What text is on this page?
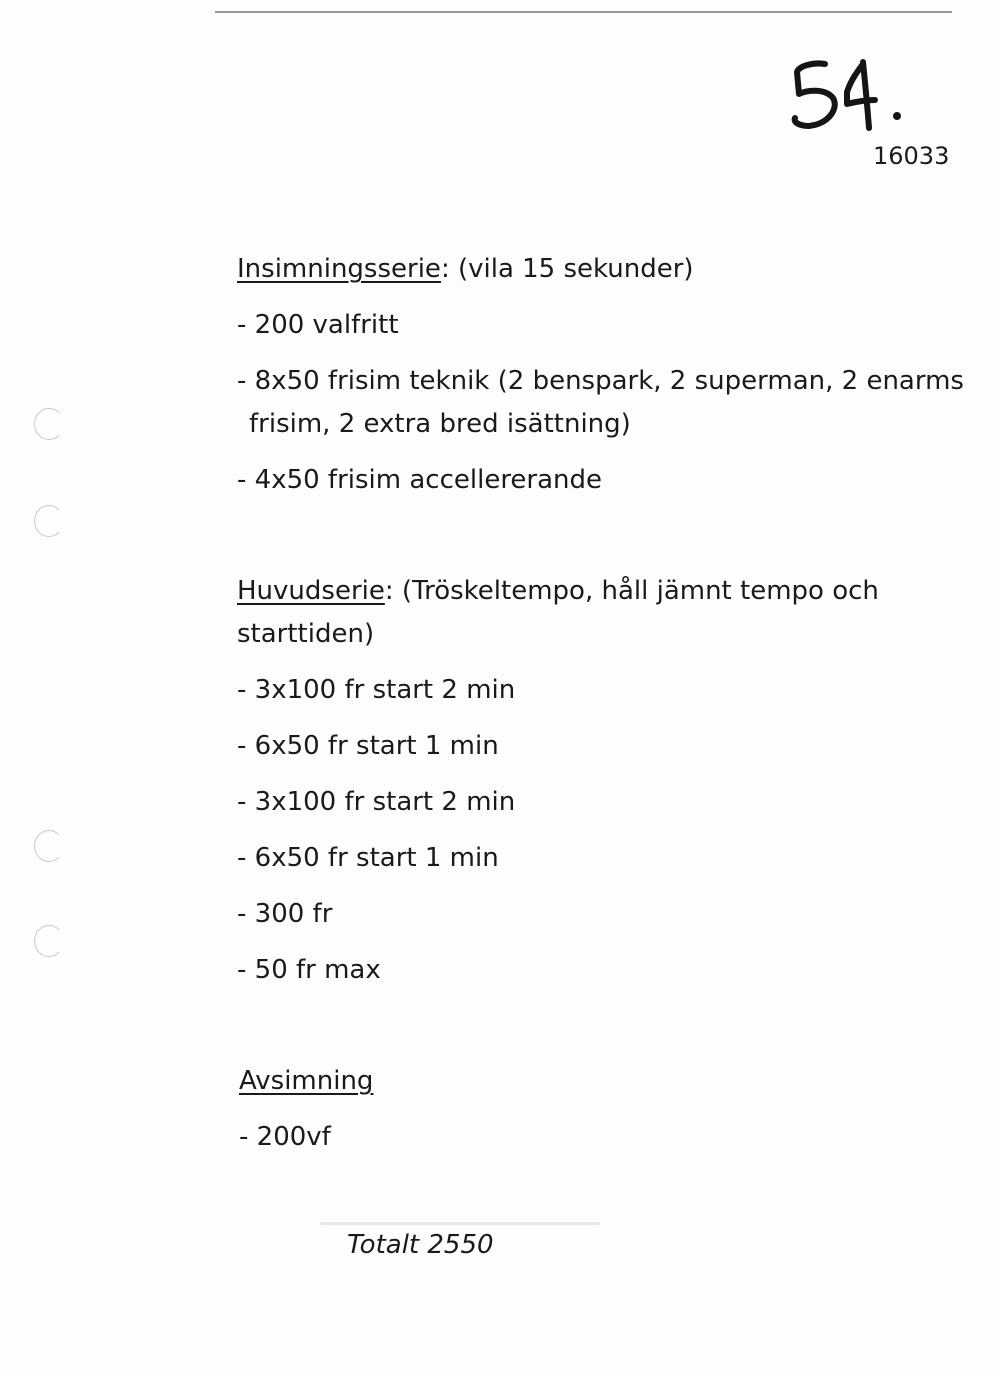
16033
Insimningsserie: (vila 15 sekunder)
- 200 valfritt
- 8x50 frisim teknik (2 benspark, 2 superman, 2 enarms
frisim, 2 extra bred isättning)
- 4x50 frisim accellererande
Huvudserie: (Tröskeltempo, håll jämnt tempo och
starttiden)
- 3x100 fr start 2 min
- 6x50 fr start 1 min
- 3x100 fr start 2 min
- 6x50 fr start 1 min
- 300 fr
- 50 fr max
Avsimning
- 200vf
Totalt 2550
